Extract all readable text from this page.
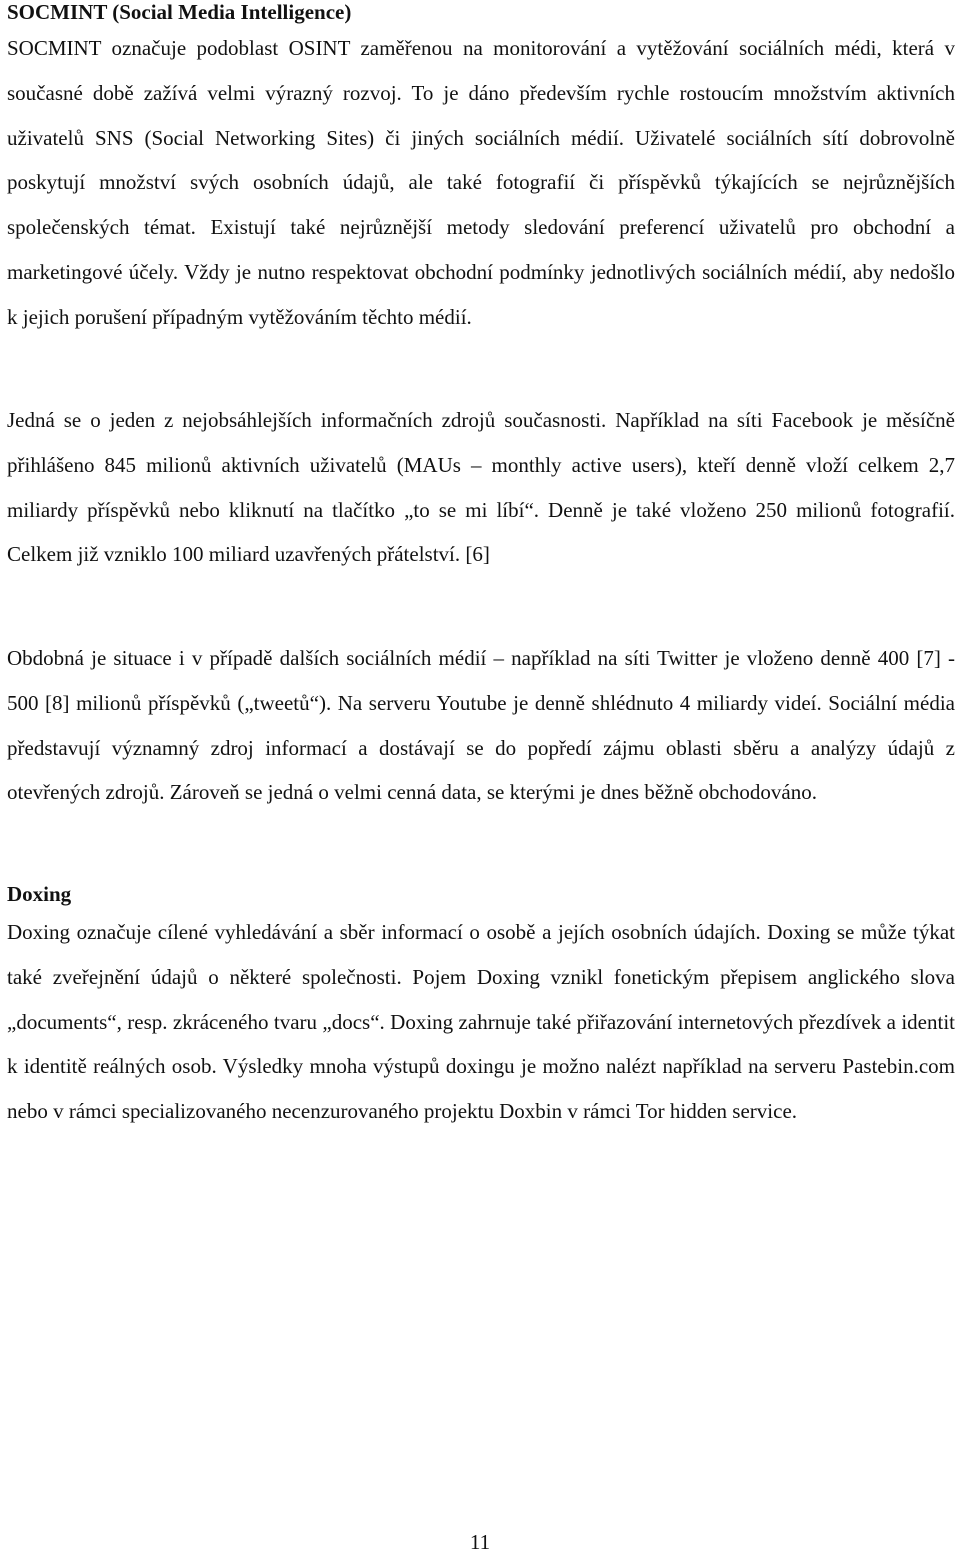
SOCMINT (Social Media Intelligence)

SOCMINT označuje podoblast OSINT zaměřenou na monitorování a vytěžování sociálních médi, která v současné době zažívá velmi výrazný rozvoj. To je dáno především rychle rostoucím množstvím aktivních uživatelů SNS (Social Networking Sites) či jiných sociálních médií. Uživatelé sociálních sítí dobrovolně poskytují množství svých osobních údajů, ale také fotografií či příspěvků týkajících se nejrůznějších společenských témat. Existují také nejrůznější metody sledování preferencí uživatelů pro obchodní a marketingové účely. Vždy je nutno respektovat obchodní podmínky jednotlivých sociálních médií, aby nedošlo k jejich porušení případným vytěžováním těchto médií.

Jedná se o jeden z nejobsáhlejších informačních zdrojů současnosti. Například na síti Facebook je měsíčně přihlášeno 845 milionů aktivních uživatelů (MAUs – monthly active users), kteří denně vloží celkem 2,7 miliardy příspěvků nebo kliknutí na tlačítko „to se mi líbí“. Denně je také vloženo 250 milionů fotografií. Celkem již vzniklo 100 miliard uzavřených přátelství. [6]

Obdobná je situace i v případě dalších sociálních médií – například na síti Twitter je vloženo denně 400 [7] - 500 [8] milionů příspěvků („tweetů“). Na serveru Youtube je denně shlédnuto 4 miliardy videí. Sociální média představují významný zdroj informací a dostávají se do popředí zájmu oblasti sběru a analýzy údajů z otevřených zdrojů. Zároveň se jedná o velmi cenná data, se kterými je dnes běžně obchodováno.

Doxing

Doxing označuje cílené vyhledávání a sběr informací o osobě a jejích osobních údajích. Doxing se může týkat také zveřejnění údajů o některé společnosti. Pojem Doxing vznikl fonetickým přepisem anglického slova „documents“, resp. zkráceného tvaru „docs“. Doxing zahrnuje také přiřazování internetových přezdívek a identit k identitě reálných osob. Výsledky mnoha výstupů doxingu je možno nalézt například na serveru Pastebin.com nebo v rámci specializovaného necenzurovaného projektu Doxbin v rámci Tor hidden service.

11
